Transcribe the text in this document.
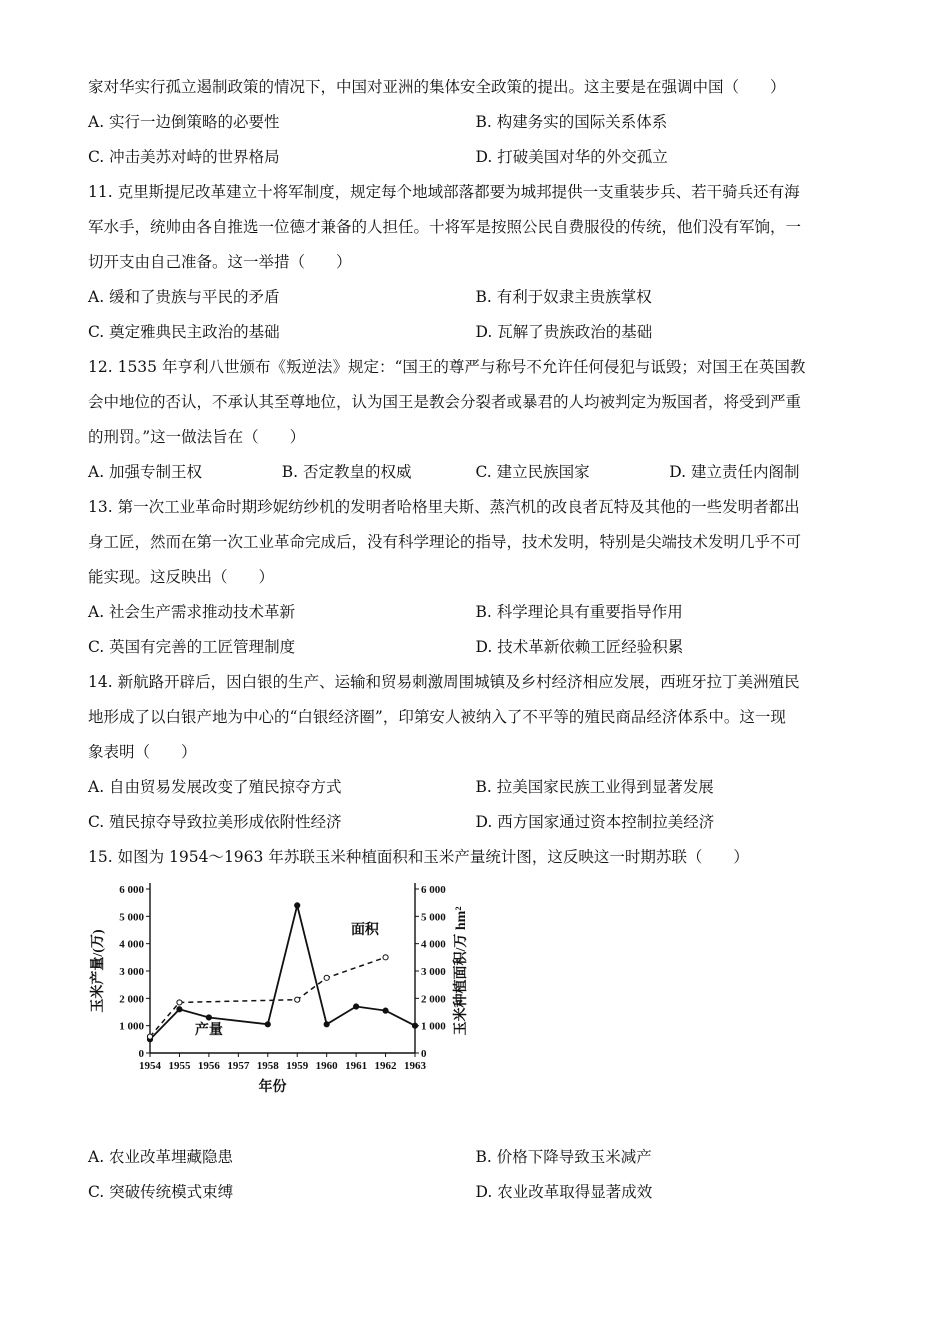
家对华实行孤立遏制政策的情况下，中国对亚洲的集体安全政策的提出。这主要是在强调中国（　　）
A. 实行一边倒策略的必要性	B. 构建务实的国际关系体系
C. 冲击美苏对峙的世界格局	D. 打破美国对华的外交孤立
11. 克里斯提尼改革建立十将军制度，规定每个地域部落都要为城邦提供一支重装步兵、若干骑兵还有海
军水手，统帅由各自推选一位德才兼备的人担任。十将军是按照公民自费服役的传统，他们没有军饷，一
切开支由自己准备。这一举措（　　）
A. 缓和了贵族与平民的矛盾	B. 有利于奴隶主贵族掌权
C. 奠定雅典民主政治的基础	D. 瓦解了贵族政治的基础
12. 1535 年亨利八世颁布《叛逆法》规定：“国王的尊严与称号不允许任何侵犯与诋毁；对国王在英国教
会中地位的否认，不承认其至尊地位，认为国王是教会分裂者或暴君的人均被判定为叛国者，将受到严重
的刑罚。”这一做法旨在（　　）
A. 加强专制王权	B. 否定教皇的权威	C. 建立民族国家	D. 建立责任内阁制
13. 第一次工业革命时期珍妮纺纱机的发明者哈格里夫斯、蒸汽机的改良者瓦特及其他的一些发明者都出
身工匠，然而在第一次工业革命完成后，没有科学理论的指导，技术发明，特别是尖端技术发明几乎不可
能实现。这反映出（　　）
A. 社会生产需求推动技术革新	B. 科学理论具有重要指导作用
C. 英国有完善的工匠管理制度	D. 技术革新依赖工匠经验积累
14. 新航路开辟后，因白银的生产、运输和贸易刺激周围城镇及乡村经济相应发展，西班牙拉丁美洲殖民
地形成了以白银产地为中心的“白银经济圈”，印第安人被纳入了不平等的殖民商品经济体系中。这一现
象表明（　　）
A. 自由贸易发展改变了殖民掠夺方式	B. 拉美国家民族工业得到显著发展
C. 殖民掠夺导致拉美形成依附性经济	D. 西方国家通过资本控制拉美经济
15. 如图为 1954～1963 年苏联玉米种植面积和玉米产量统计图，这反映这一时期苏联（　　）
0	0
1 000	1 000
2 000	2 000
3 000	3 000
4 000	4 000
5 000	5 000
6 000	6 000
1954 1955 1956 1957 1958 1959 1960 1961 1962 1963
玉米产量/(万)	玉米种植面积/万 hm²
年份
产量
面积
A. 农业改革埋藏隐患	B. 价格下降导致玉米减产
C. 突破传统模式束缚	D. 农业改革取得显著成效
